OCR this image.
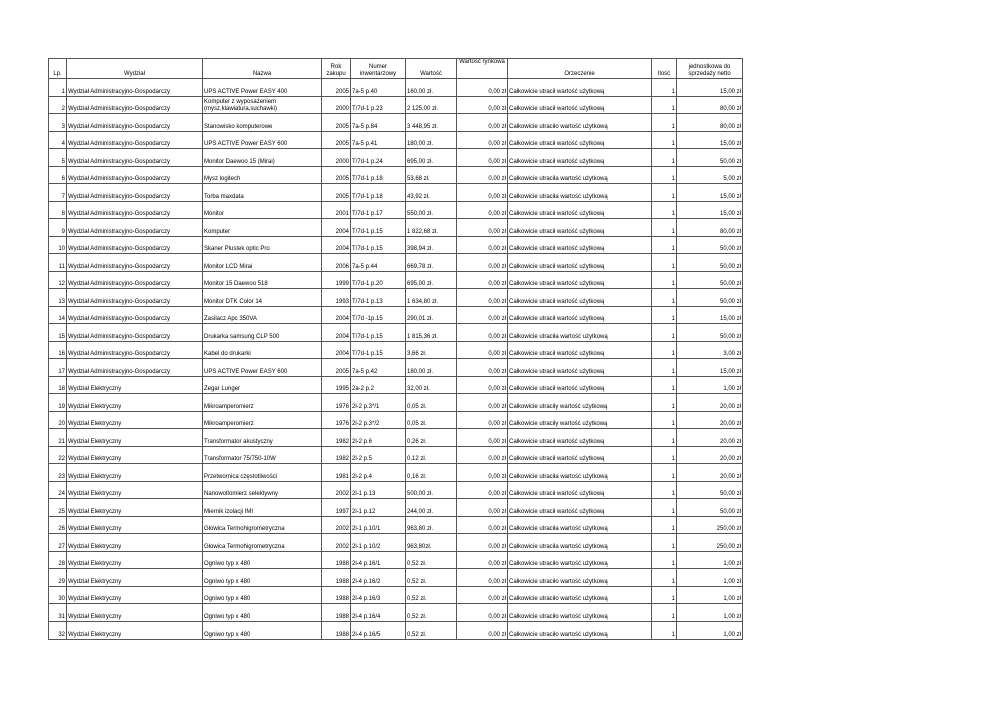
Lp.	Wydział	Nazwa	Rok zakupu	Numer inwentarzowy	Wartość	Wartość rynkowa	Orzeczenie	Ilość	jednostkowa do sprzedaży netto
1	Wydział Administracyjno-Gospodarczy	UPS ACTIVE Power EASY 400	2005	7a-5 p.40	160,00 zł.	0,00 zł	Całkowicie utracił wartość użytkową	1	15,00 zł
2	Wydział Administracyjno-Gospodarczy	Komputer z wyposażeniem (mysz,klawiatura,suchawki)	2000	T/7d-1 p.23	2 125,00 zł.	0,00 zł	Całkowicie utracił wartość użytkową	1	80,00 zł
3	Wydział Administracyjno-Gospodarczy	Stanowisko komputerowe	2005	7a-5 p.84	3 448,95 zł.	0,00 zł	Całkowicie utraciło wartość użytkową	1	80,00 zł
4	Wydział Administracyjno-Gospodarczy	UPS ACTIVE Power EASY 600	2005	7a-5 p.41	180,00 zł.	0,00 zł	Całkowicie utracił wartość użytkową	1	15,00 zł
5	Wydział Administracyjno-Gospodarczy	Monitor Daewoo 15 (Mirai)	2000	T/7d-1 p.24	695,00 zł.	0,00 zł	Całkowicie utracił wartość użytkową	1	50,00 zł
6	Wydział Administracyjno-Gospodarczy	Mysz logitech	2005	T/7d-1 p.18	53,68 zł.	0,00 zł	Całkowicie utraciła wartość użytkową	1	5,00 zł
7	Wydział Administracyjno-Gospodarczy	Torba maxdata	2005	T/7d-1 p.18	43,92 zł.	0,00 zł	Całkowicie utraciła wartość użytkową	1	15,00 zł
8	Wydział Administracyjno-Gospodarczy	Monitor	2001	T/7d-1 p.17	550,00 zł.	0,00 zł	Całkowicie utracił wartość użytkową	1	15,00 zł
9	Wydział Administracyjno-Gospodarczy	Komputer	2004	T/7d-1 p.15	1 822,68 zł.	0,00 zł	Całkowicie utracił wartość użytkową	1	80,00 zł
10	Wydział Administracyjno-Gospodarczy	Skaner Plustek optic Pro	2004	T/7d-1 p.15	398,94 zł.	0,00 zł	Całkowicie utracił wartość użytkową	1	50,00 zł
11	Wydział Administracyjno-Gospodarczy	Monitor LCD Mirai	2006	7a-5 p.44	669,78 zł.	0,00 zł	Całkowicie utracił wartość użytkową	1	50,00 zł
12	Wydział Administracyjno-Gospodarczy	Monitor 15 Daewoo 518	1999	T/7d-1 p.20	695,00 zł.	0,00 zł	Całkowicie utracił wartość użytkową	1	50,00 zł
13	Wydział Administracyjno-Gospodarczy	Monitor DTK Color 14	1993	T/7d-1 p.13	1 634,80 zł.	0,00 zł	Całkowicie utracił wartość użytkową	1	50,00 zł
14	Wydział Administracyjno-Gospodarczy	Zasilacz Apc 350VA	2004	T/7d -1p.15	290,01 zł.	0,00 zł	Całkowicie utracił wartość użytkową	1	15,00 zł
15	Wydział Administracyjno-Gospodarczy	Drukarka samsung CLP 500	2004	T/7d-1 p.15	1 815,36 zł.	0,00 zł	Całkowicie utraciła wartość użytkową	1	50,00 zł
16	Wydział Administracyjno-Gospodarczy	Kabel do drukarki	2004	T/7d-1 p.15	3,66 zł.	0,00 zł	Całkowicie utracił wartość użytkową	1	3,00 zł
17	Wydział Administracyjno-Gospodarczy	UPS ACTIVE Power EASY 600	2005	7a-5 p.42	180,00 zł.	0,00 zł	Całkowicie utracił wartość użytkową	1	15,00 zł
18	Wydział Elektryczny	Zegar Lunger	1995	2a-2 p.2	32,00 zł.	0,00 zł	Całkowicie utracił wartość użytkową	1	1,00 zł
19	Wydział Elektryczny	Mikroamperomierz	1976	2l-2 p.3*/1	0,05 zł.	0,00 zł	Całkowicie utraciły wartość użytkową	1	20,00 zł
20	Wydział Elektryczny	Mikroamperomierz	1976	2l-2 p.3*/2	0,05 zł.	0,00 zł	Całkowicie utraciły wartość użytkową	1	20,00 zł
21	Wydział Elektryczny	Transformator akustyczny	1982	2l-2 p.6	0,26 zł.	0,00 zł	Całkowicie utracił wartość użytkową	1	20,00 zł
22	Wydział Elektryczny	Transformator 75/750-10W	1982	2l-2 p.5	0,12 zł.	0,00 zł	Całkowicie utracił wartość użytkową	1	20,00 zł
23	Wydział Elektryczny	Przetwornica częstotliwości	1981	2l-2 p.4	0,16 zł.	0,00 zł	Całkowicie utraciła wartość użytkową	1	20,00 zł
24	Wydział Elektryczny	Nanowoltomierz selektywny	2002	2l-1 p.13	500,00 zł.	0,00 zł	Całkowicie utracił wartość użytkową	1	50,00 zł
25	Wydział Elektryczny	Miernik izolacji IMI	1997	2l-1 p.12	244,00 zł.	0,00 zł	Całkowicie utracił wartość użytkową	1	50,00 zł
26	Wydział Elektryczny	Głowica Termohigrometryczna	2002	2l-1 p.10/1	963,80 zł.	0,00 zł	Całkowicie utraciła wartość użytkową	1	250,00 zł
27	Wydział Elektryczny	Głowica Termohigrometryczna	2002	2l-1 p.10/2	963,80zł.	0,00 zł	Całkowicie utraciła wartość użytkową	1	250,00 zł
28	Wydział Elektryczny	Ogniwo typ x 480	1988	2l-4 p.16/1	0,52 zł.	0,00 zł	Całkowicie utraciło wartość użytkową	1	1,00 zł
29	Wydział Elektryczny	Ogniwo typ x 480	1988	2l-4 p.16/2	0,52 zł.	0,00 zł	Całkowicie utraciło wartość użytkową	1	1,00 zł
30	Wydział Elektryczny	Ogniwo typ x 480	1988	2l-4 p.16/3	0,52 zł.	0,00 zł	Całkowicie utraciło wartość użytkową	1	1,00 zł
31	Wydział Elektryczny	Ogniwo typ x 480	1988	2l-4 p.16/4	0,52 zł.	0,00 zł	Całkowicie utraciło wartość użytkową	1	1,00 zł
32	Wydział Elektryczny	Ogniwo typ x 480	1988	2l-4 p.16/5	0,52 zł.	0,00 zł	Całkowicie utraciło wartość użytkową	1	1,00 zł
